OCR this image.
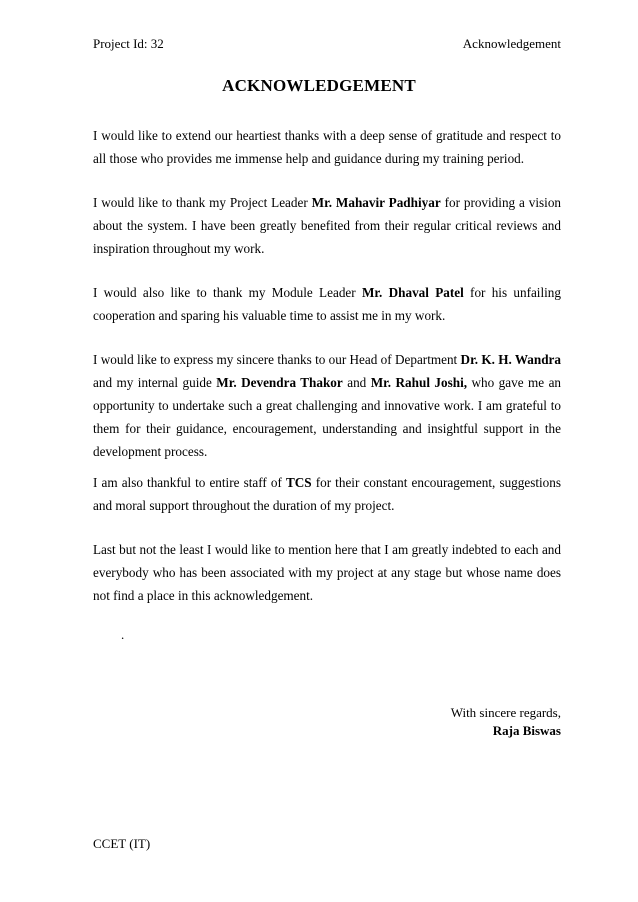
Project Id: 32	Acknowledgement
ACKNOWLEDGEMENT

I would like to extend our heartiest thanks with a deep sense of gratitude and respect to all those who provides me immense help and guidance during my training period.

I would like to thank my Project Leader Mr. Mahavir Padhiyar for providing a vision about the system. I have been greatly benefited from their regular critical reviews and inspiration throughout my work.

I would also like to thank my Module Leader Mr. Dhaval Patel for his unfailing cooperation and sparing his valuable time to assist me in my work.

I would like to express my sincere thanks to our Head of Department Dr. K. H. Wandra and my internal guide Mr. Devendra Thakor and Mr. Rahul Joshi, who gave me an opportunity to undertake such a great challenging and innovative work. I am grateful to them for their guidance, encouragement, understanding and insightful support in the development process.

I am also thankful to entire staff of TCS for their constant encouragement, suggestions and moral support throughout the duration of my project.

Last but not the least I would like to mention here that I am greatly indebted to each and everybody who has been associated with my project at any stage but whose name does not find a place in this acknowledgement.

.
With sincere regards,
Raja Biswas
CCET (IT)
